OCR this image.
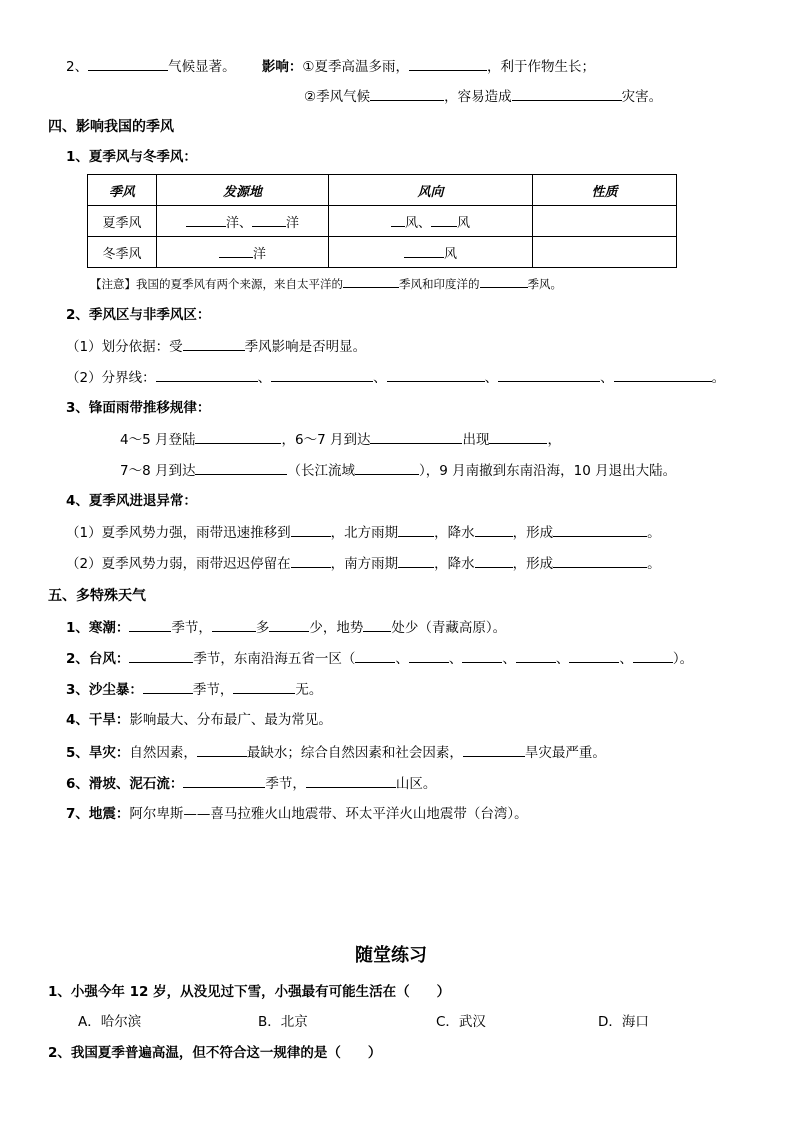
2、	气候显著。 影响：①夏季高温多雨，	，利于作物生长；
②季风气候	，容易造成	灾害。
四、影响我国的季风
1、夏季风与冬季风：
季风	发源地	风向	性质
夏季风	洋、 洋	风、 风	
冬季风	洋	风	
【注意】我国的夏季风有两个来源，来自太平洋的	季风和印度洋的	季风。
2、季风区与非季风区：
（1）划分依据：受	季风影响是否明显。
（2）分界线：	、	、	、	、	。
3、锋面雨带推移规律：
4～5 月登陆	，6～7 月到达	出现	，
7～8 月到达	（长江流域	），9 月南撤到东南沿海，10 月退出大陆。
4、夏季风进退异常：
（1）夏季风势力强，雨带迅速推移到	，北方雨期	，降水	，形成	。
（2）夏季风势力弱，雨带迟迟停留在	，南方雨期	，降水	，形成	。
五、多特殊天气
1、寒潮：	季节，	多	少，地势 处少（青藏高原）。
2、台风：	季节，东南沿海五省一区（	、	、	、	、	、	）。
3、沙尘暴：	季节，	无。
4、干旱：影响最大、分布最广、最为常见。
5、旱灾：自然因素，	最缺水；综合自然因素和社会因素，	旱灾最严重。
6、滑坡、泥石流：	季节，	山区。
7、地震：阿尔卑斯——喜马拉雅火山地震带、环太平洋火山地震带（台湾）。
随堂练习
1、小强今年 12 岁，从没见过下雪，小强最有可能生活在（　　）
A．哈尔滨	B．北京	C．武汉	D．海口
2、我国夏季普遍高温，但不符合这一规律的是（　　）
